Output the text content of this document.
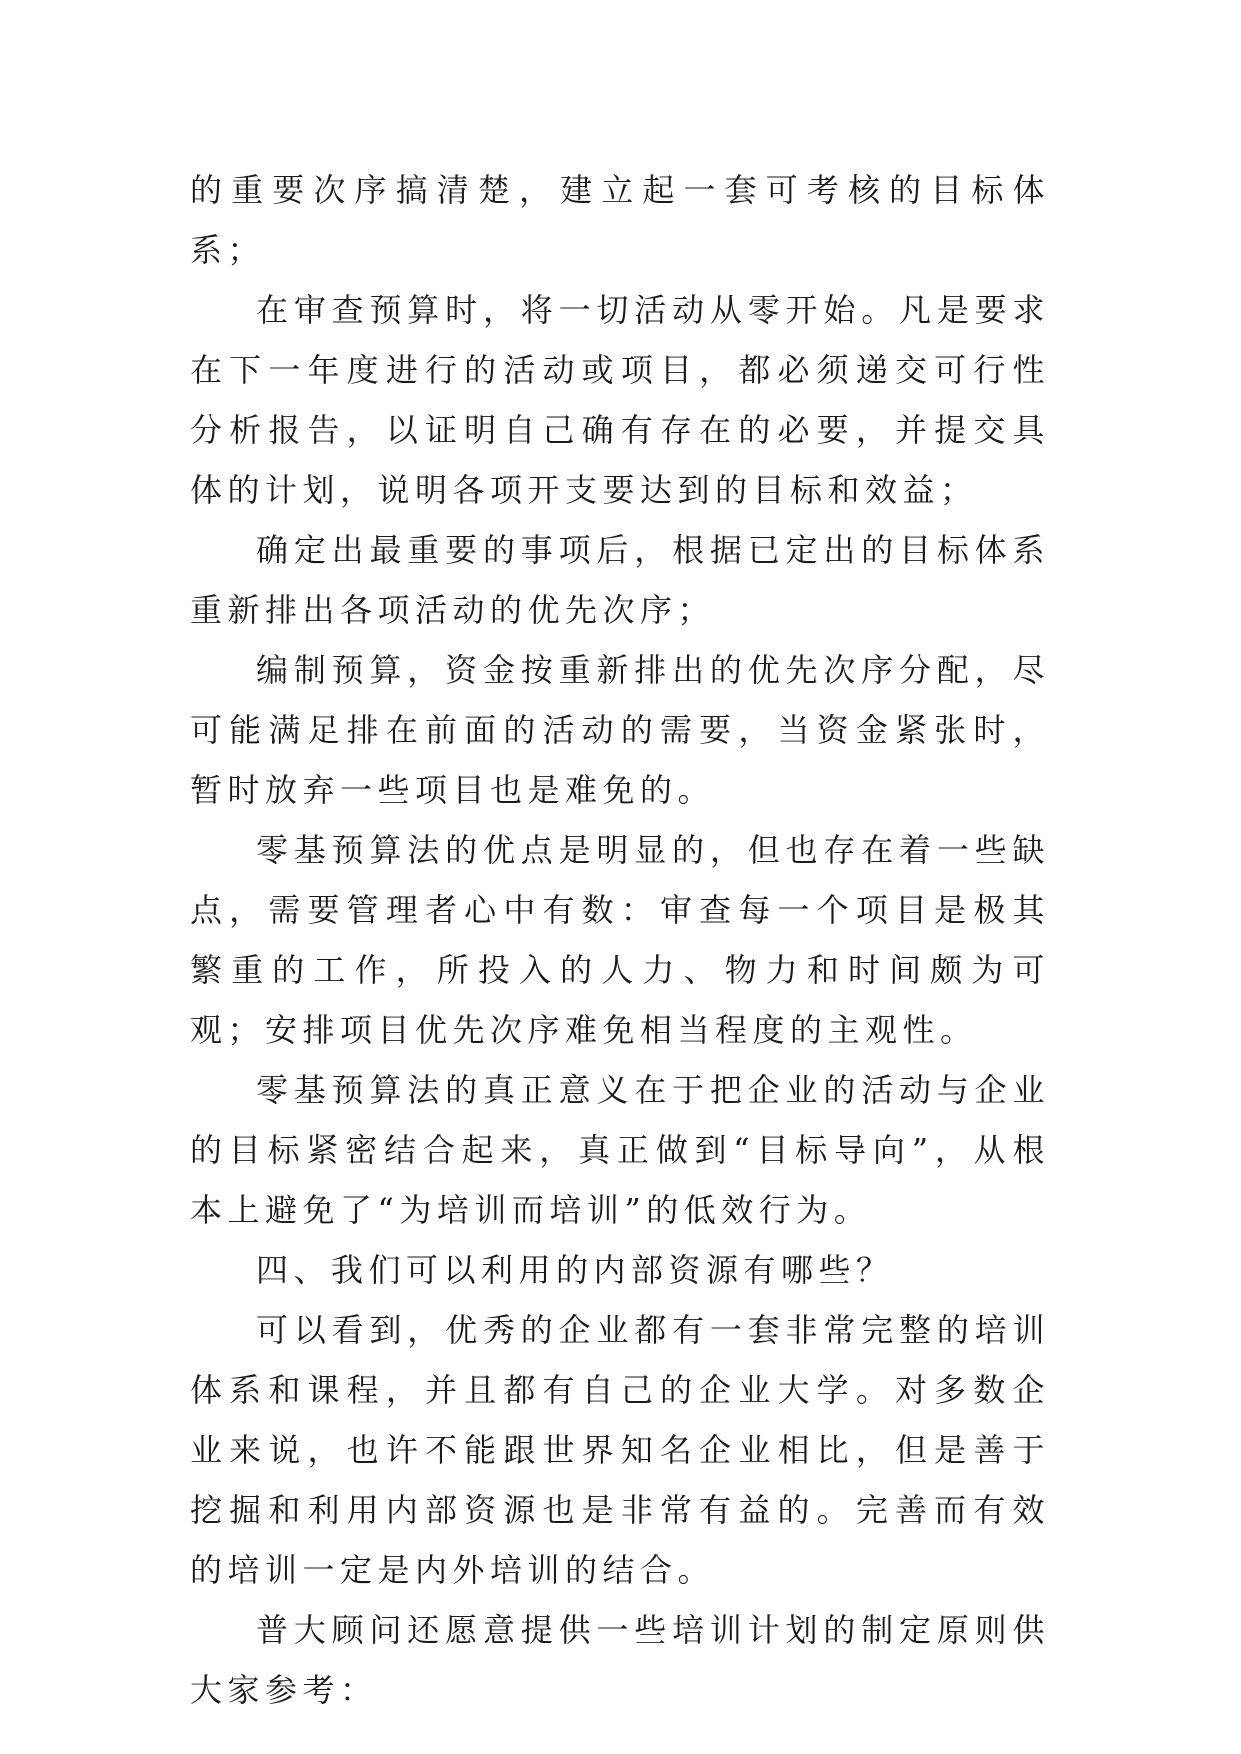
的重要次序搞清楚，建立起一套可考核的目标体系；

在审查预算时，将一切活动从零开始。凡是要求在下一年度进行的活动或项目，都必须递交可行性分析报告，以证明自己确有存在的必要，并提交具体的计划，说明各项开支要达到的目标和效益；

确定出最重要的事项后，根据已定出的目标体系重新排出各项活动的优先次序；

编制预算，资金按重新排出的优先次序分配，尽可能满足排在前面的活动的需要，当资金紧张时，暂时放弃一些项目也是难免的。

零基预算法的优点是明显的，但也存在着一些缺点，需要管理者心中有数：审查每一个项目是极其繁重的工作，所投入的人力、物力和时间颇为可观；安排项目优先次序难免相当程度的主观性。

零基预算法的真正意义在于把企业的活动与企业的目标紧密结合起来，真正做到“目标导向”，从根本上避免了“为培训而培训”的低效行为。

四、我们可以利用的内部资源有哪些？

可以看到，优秀的企业都有一套非常完整的培训体系和课程，并且都有自己的企业大学。对多数企业来说，也许不能跟世界知名企业相比，但是善于挖掘和利用内部资源也是非常有益的。完善而有效的培训一定是内外培训的结合。

普大顾问还愿意提供一些培训计划的制定原则供大家参考：
